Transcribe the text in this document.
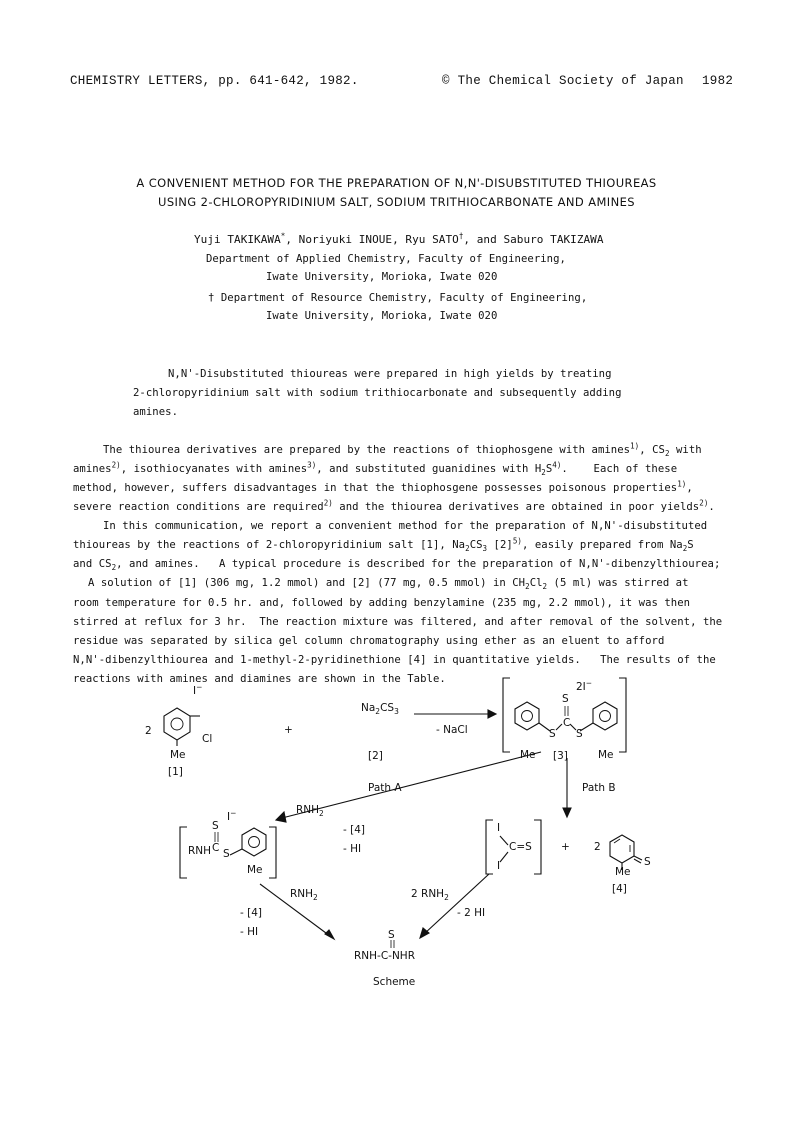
CHEMISTRY LETTERS, pp. 641-642, 1982.	© The Chemical Society of Japan 1982
A CONVENIENT METHOD FOR THE PREPARATION OF N,N'-DISUBSTITUTED THIOUREAS
USING 2-CHLOROPYRIDINIUM SALT, SODIUM TRITHIOCARBONATE AND AMINES
Yuji TAKIKAWA*, Noriyuki INOUE, Ryu SATO†, and Saburo TAKIZAWA
Department of Applied Chemistry, Faculty of Engineering,
Iwate University, Morioka, Iwate 020
† Department of Resource Chemistry, Faculty of Engineering,
Iwate University, Morioka, Iwate 020
N,N'-Disubstituted thioureas were prepared in high yields by treating
2-chloropyridinium salt with sodium trithiocarbonate and subsequently adding
amines.
The thiourea derivatives are prepared by the reactions of thiophosgene with amines$^{1)}$, $CS_2$ with
amines$^{2)}$, isothiocyanates with amines$^{3)}$, and substituted guanidines with $H_2S^{4)}$.    Each of these
method, however, suffers disadvantages in that the thiophosgene possesses poisonous properties$^{1)}$,
severe reaction conditions are required$^{2)}$ and the thiourea derivatives are obtained in poor yields$^{2)}$.
In this communication, we report a convenient method for the preparation of N,N'-disubstituted
thioureas by the reactions of 2-chloropyridinium salt [1], $Na_2CS_3$ $[2]^{5)}$, easily prepared from $Na_2S$
and $CS_2$, and amines.   A typical procedure is described for the preparation of N,N'-dibenzylthiourea;
A solution of [1] (306 mg, 1.2 mmol) and [2] (77 mg, 0.5 mmol) in $CH_2Cl_2$ (5 ml) was stirred at
room temperature for 0.5 hr. and, followed by adding benzylamine (235 mg, 2.2 mmol), it was then
stirred at reflux for 3 hr.  The reaction mixture was filtered, and after removal of the solvent, the
residue was separated by silica gel column chromatography using ether as an eluent to afford
N,N'-dibenzylthiourea and 1-methyl-2-pyridinethione [4] in quantitative yields.   The results of the
reactions with amines and diamines are shown in the Table.
2
I−
Cl
Me
[1]
+
$Na_2CS_3$
[2]
- NaCl
S
2I−
S
C
S
Me [3]	Me
Path A	Path B
$RNH_2$
- [4]
- HI
S
I−
RNH C S
Me
I
C=S
I
+ 2
S
Me
[4]
$RNH_2$
- [4]
- HI
2 $RNH_2$
- 2 HI
S
RNH-C-NHR
Scheme
